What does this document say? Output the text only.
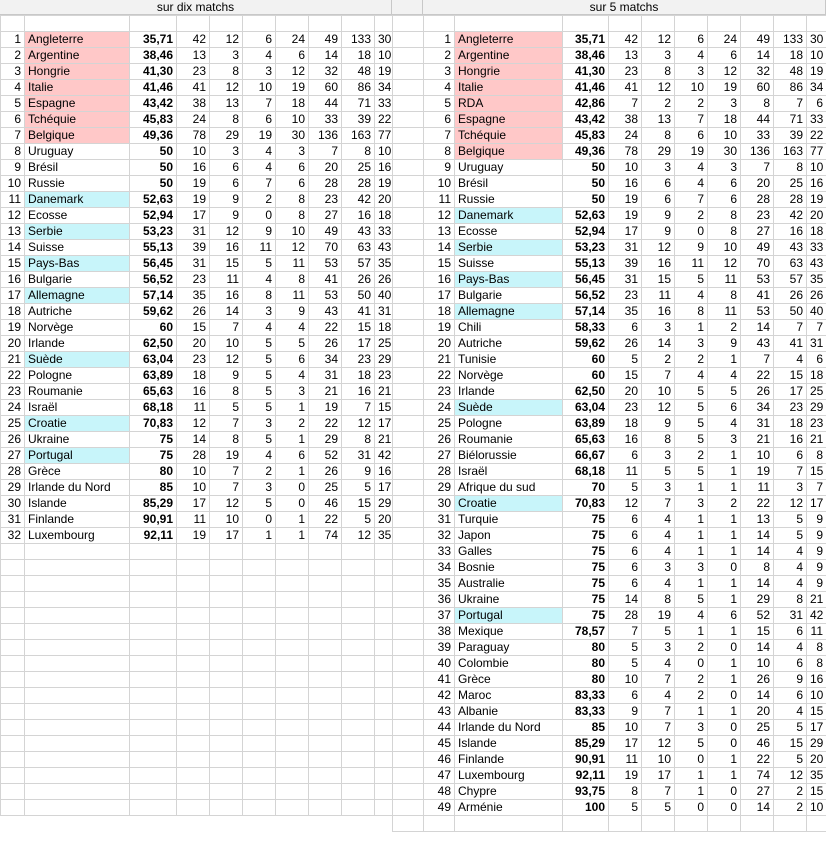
sur dix matchs	sur 5 matchs

1	Angleterre	35,71	42	12	6	24	49	133	30
2	Argentine	38,46	13	3	4	6	14	18	10
3	Hongrie	41,30	23	8	3	12	32	48	19
4	Italie	41,46	41	12	10	19	60	86	34
5	Espagne	43,42	38	13	7	18	44	71	33
6	Tchéquie	45,83	24	8	6	10	33	39	22
7	Belgique	49,36	78	29	19	30	136	163	77
8	Uruguay	50	10	3	4	3	7	8	10
9	Brésil	50	16	6	4	6	20	25	16
10	Russie	50	19	6	7	6	28	28	19
11	Danemark	52,63	19	9	2	8	23	42	20
12	Ecosse	52,94	17	9	0	8	27	16	18
13	Serbie	53,23	31	12	9	10	49	43	33
14	Suisse	55,13	39	16	11	12	70	63	43
15	Pays-Bas	56,45	31	15	5	11	53	57	35
16	Bulgarie	56,52	23	11	4	8	41	26	26
17	Allemagne	57,14	35	16	8	11	53	50	40
18	Autriche	59,62	26	14	3	9	43	41	31
19	Norvège	60	15	7	4	4	22	15	18
20	Irlande	62,50	20	10	5	5	26	17	25
21	Suède	63,04	23	12	5	6	34	23	29
22	Pologne	63,89	18	9	5	4	31	18	23
23	Roumanie	65,63	16	8	5	3	21	16	21
24	Israël	68,18	11	5	5	1	19	7	15
25	Croatie	70,83	12	7	3	2	22	12	17
26	Ukraine	75	14	8	5	1	29	8	21
27	Portugal	75	28	19	4	6	52	31	42
28	Grèce	80	10	7	2	1	26	9	16
29	Irlande du Nord	85	10	7	3	0	25	5	17
30	Islande	85,29	17	12	5	0	46	15	29
31	Finlande	90,91	11	10	0	1	22	5	20
32	Luxembourg	92,11	19	17	1	1	74	12	35

1	Angleterre	35,71	42	12	6	24	49	133	30
2	Argentine	38,46	13	3	4	6	14	18	10
3	Hongrie	41,30	23	8	3	12	32	48	19
4	Italie	41,46	41	12	10	19	60	86	34
5	RDA	42,86	7	2	2	3	8	7	6
6	Espagne	43,42	38	13	7	18	44	71	33
7	Tchéquie	45,83	24	8	6	10	33	39	22
8	Belgique	49,36	78	29	19	30	136	163	77
9	Uruguay	50	10	3	4	3	7	8	10
10	Brésil	50	16	6	4	6	20	25	16
11	Russie	50	19	6	7	6	28	28	19
12	Danemark	52,63	19	9	2	8	23	42	20
13	Ecosse	52,94	17	9	0	8	27	16	18
14	Serbie	53,23	31	12	9	10	49	43	33
15	Suisse	55,13	39	16	11	12	70	63	43
16	Pays-Bas	56,45	31	15	5	11	53	57	35
17	Bulgarie	56,52	23	11	4	8	41	26	26
18	Allemagne	57,14	35	16	8	11	53	50	40
19	Chili	58,33	6	3	1	2	14	7	7
20	Autriche	59,62	26	14	3	9	43	41	31
21	Tunisie	60	5	2	2	1	7	4	6
22	Norvège	60	15	7	4	4	22	15	18
23	Irlande	62,50	20	10	5	5	26	17	25
24	Suède	63,04	23	12	5	6	34	23	29
25	Pologne	63,89	18	9	5	4	31	18	23
26	Roumanie	65,63	16	8	5	3	21	16	21
27	Biélorussie	66,67	6	3	2	1	10	6	8
28	Israël	68,18	11	5	5	1	19	7	15
29	Afrique du sud	70	5	3	1	1	11	3	7
30	Croatie	70,83	12	7	3	2	22	12	17
31	Turquie	75	6	4	1	1	13	5	9
32	Japon	75	6	4	1	1	14	5	9
33	Galles	75	6	4	1	1	14	4	9
34	Bosnie	75	6	3	3	0	8	4	9
35	Australie	75	6	4	1	1	14	4	9
36	Ukraine	75	14	8	5	1	29	8	21
37	Portugal	75	28	19	4	6	52	31	42
38	Mexique	78,57	7	5	1	1	15	6	11
39	Paraguay	80	5	3	2	0	14	4	8
40	Colombie	80	5	4	0	1	10	6	8
41	Grèce	80	10	7	2	1	26	9	16
42	Maroc	83,33	6	4	2	0	14	6	10
43	Albanie	83,33	9	7	1	1	20	4	15
44	Irlande du Nord	85	10	7	3	0	25	5	17
45	Islande	85,29	17	12	5	0	46	15	29
46	Finlande	90,91	11	10	0	1	22	5	20
47	Luxembourg	92,11	19	17	1	1	74	12	35
48	Chypre	93,75	8	7	1	0	27	2	15
49	Arménie	100	5	5	0	0	14	2	10
